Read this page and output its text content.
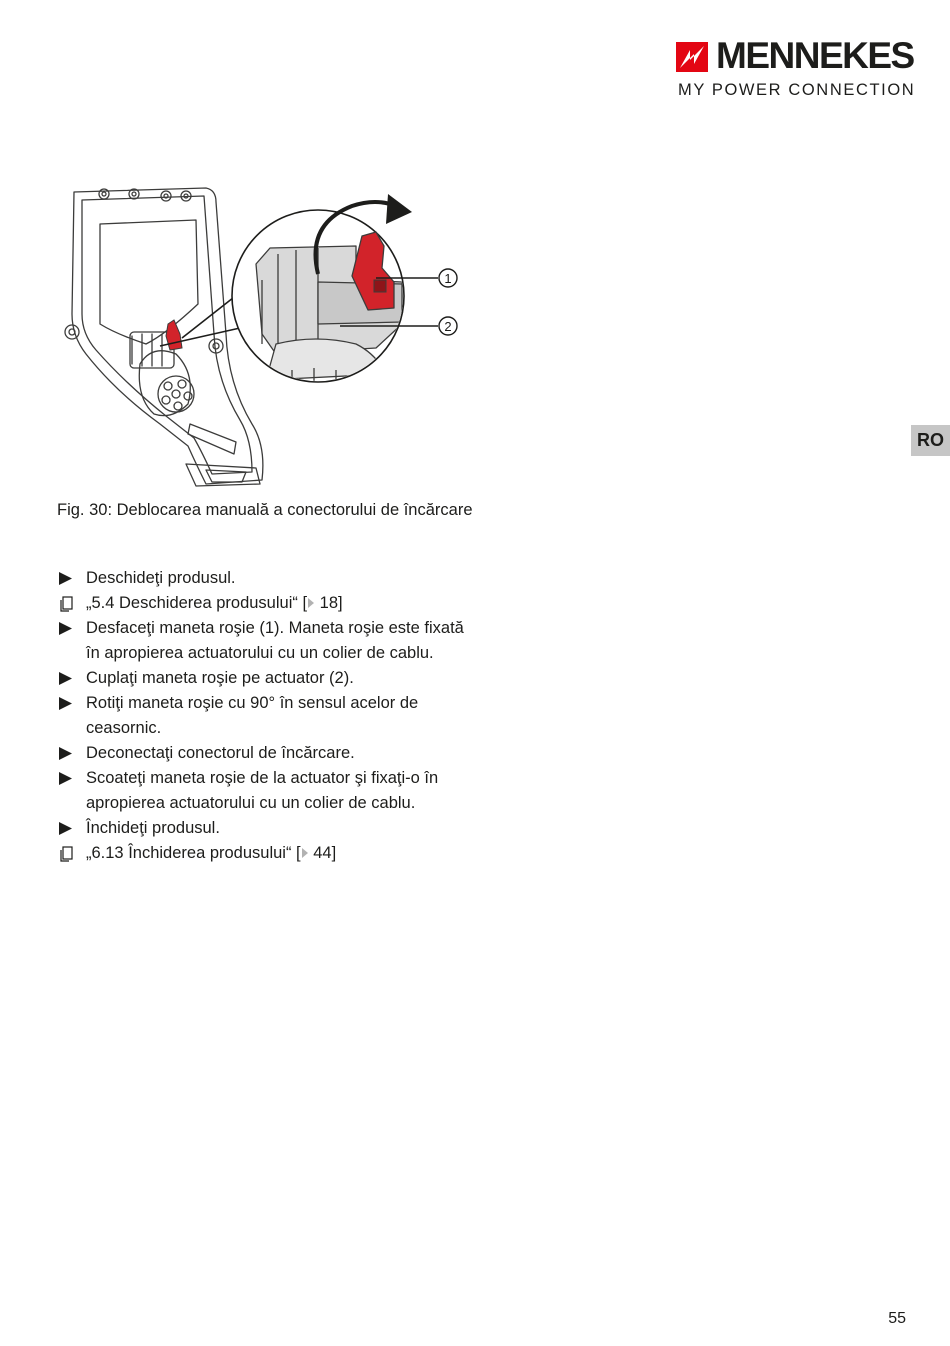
MENNEKES
MY POWER CONNECTION
RO
1
2
Fig. 30: Deblocarea manuală a conectorului de încărcare
Deschideţi produsul.
„5.4 Deschiderea produsului“ [ 18]
Desfaceţi maneta roşie (1). Maneta roşie este fixată în apropierea actuatorului cu un colier de cablu.
Cuplaţi maneta roşie pe actuator (2).
Rotiţi maneta roşie cu 90° în sensul acelor de ceasornic.
Deconectaţi conectorul de încărcare.
Scoateţi maneta roşie de la actuator şi fixaţi-o în apropierea actuatorului cu un colier de cablu.
Închideţi produsul.
„6.13 Închiderea produsului“ [ 44]
55
